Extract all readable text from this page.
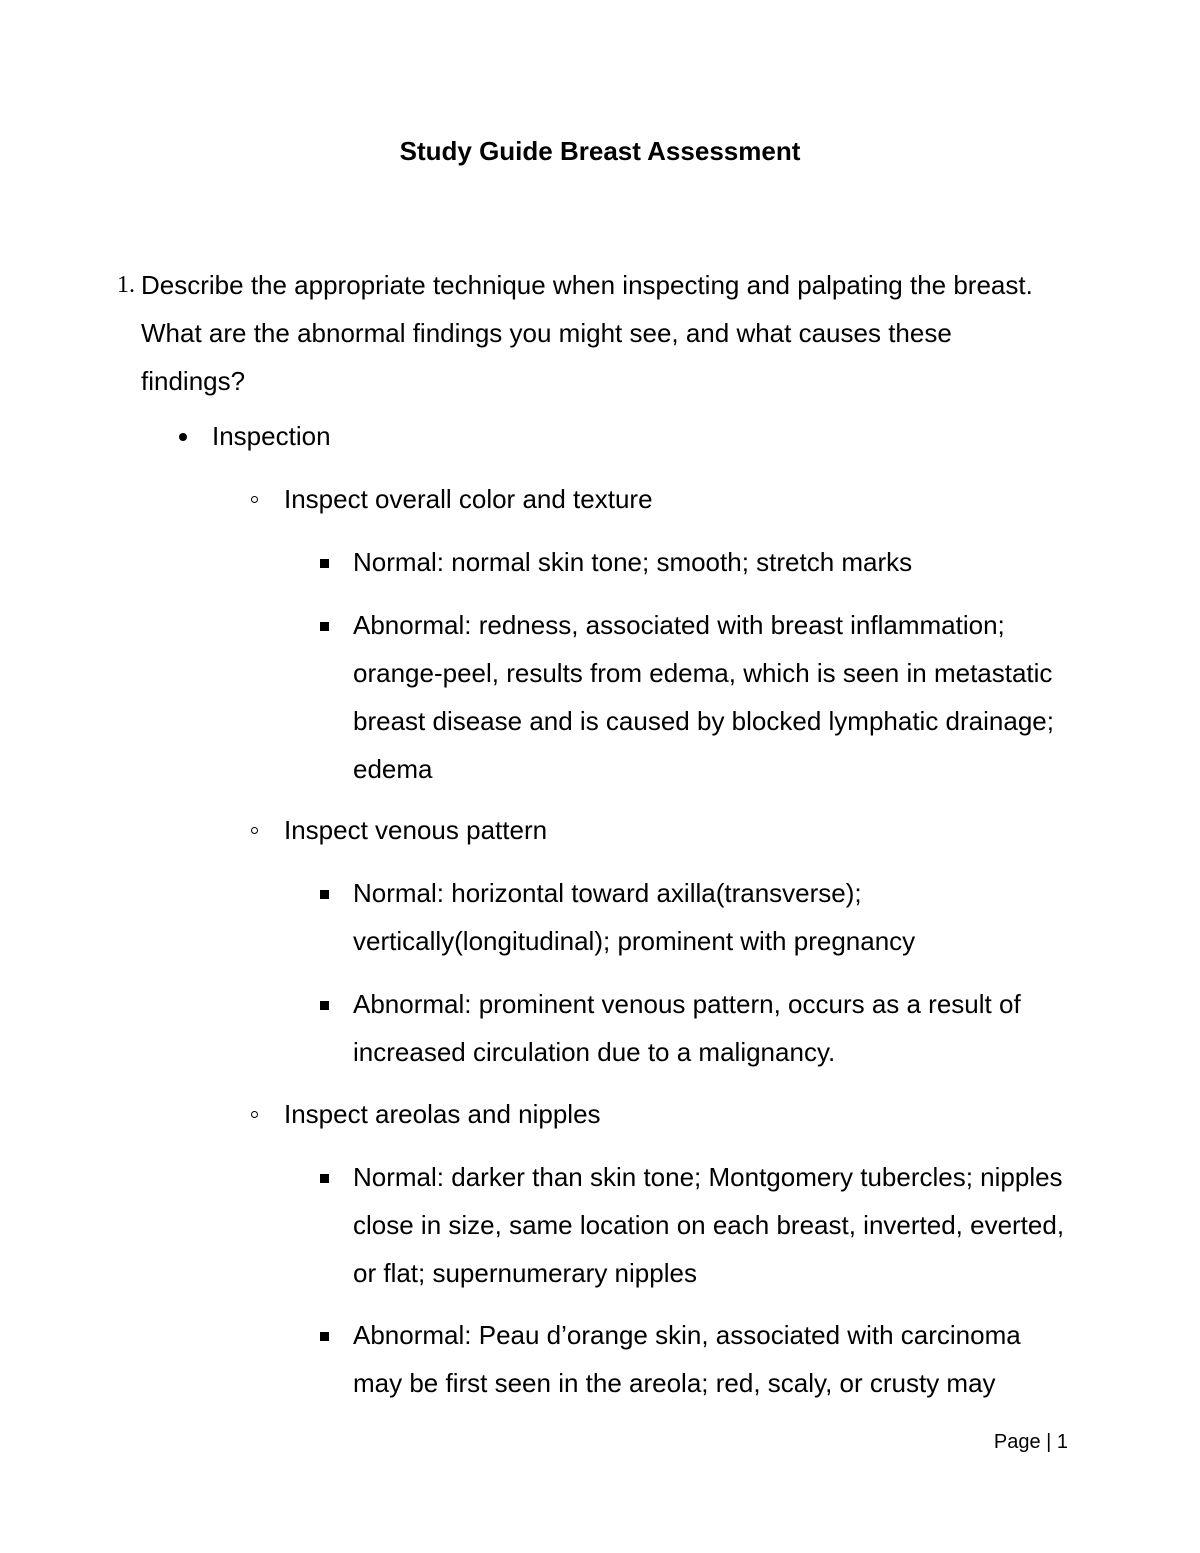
Study Guide Breast Assessment
1. Describe the appropriate technique when inspecting and palpating the breast. What are the abnormal findings you might see, and what causes these findings?
Inspection
Inspect overall color and texture
Normal: normal skin tone; smooth; stretch marks
Abnormal: redness, associated with breast inflammation; orange-peel, results from edema, which is seen in metastatic breast disease and is caused by blocked lymphatic drainage; edema
Inspect venous pattern
Normal: horizontal toward axilla(transverse); vertically(longitudinal); prominent with pregnancy
Abnormal: prominent venous pattern, occurs as a result of increased circulation due to a malignancy.
Inspect areolas and nipples
Normal: darker than skin tone; Montgomery tubercles; nipples close in size, same location on each breast, inverted, everted, or flat; supernumerary nipples
Abnormal: Peau d’orange skin, associated with carcinoma may be first seen in the areola; red, scaly, or crusty may
Page | 1
